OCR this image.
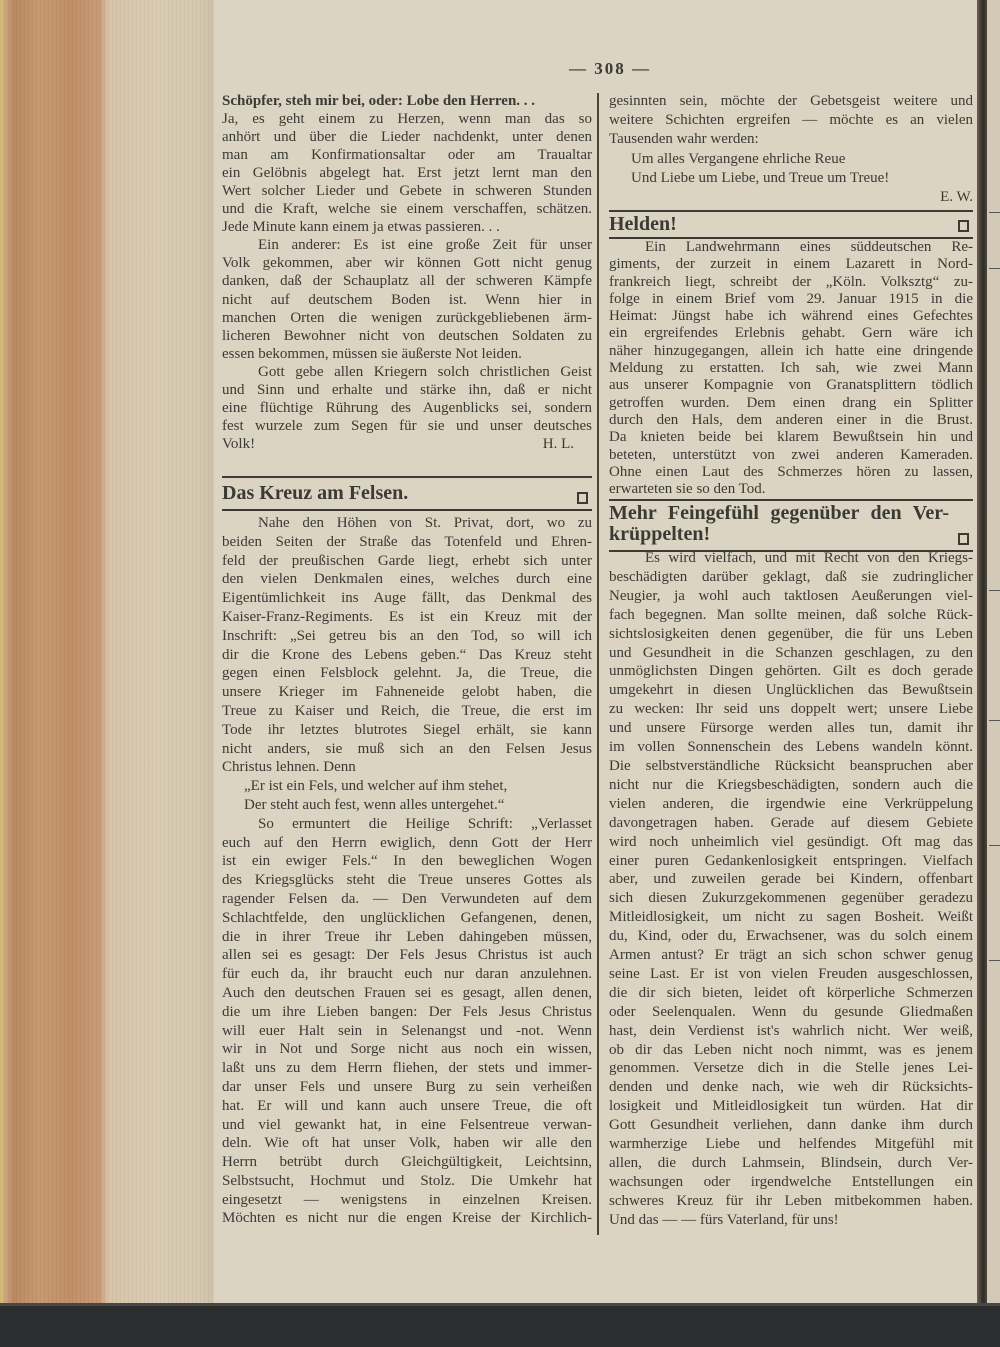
— 308 —
Schöpfer, steh mir bei, oder: Lobe den Herren. . .
Ja, es geht einem zu Herzen, wenn man das so
anhört und über die Lieder nachdenkt, unter denen
man am Konfirmationsaltar oder am Traualtar
ein Gelöbnis abgelegt hat. Erst jetzt lernt man den
Wert solcher Lieder und Gebete in schweren Stunden
und die Kraft, welche sie einem verschaffen, schätzen.
Jede Minute kann einem ja etwas passieren. . .
Ein anderer: Es ist eine große Zeit für unser
Volk gekommen, aber wir können Gott nicht genug
danken, daß der Schauplatz all der schweren Kämpfe
nicht auf deutschem Boden ist. Wenn hier in
manchen Orten die wenigen zurückgebliebenen ärm-
licheren Bewohner nicht von deutschen Soldaten zu
essen bekommen, müssen sie äußerste Not leiden.
Gott gebe allen Kriegern solch christlichen Geist
und Sinn und erhalte und stärke ihn, daß er nicht
eine flüchtige Rührung des Augenblicks sei, sondern
fest wurzele zum Segen für sie und unser deutsches
Volk!	H. L.
Das Kreuz am Felsen.
Nahe den Höhen von St. Privat, dort, wo zu
beiden Seiten der Straße das Totenfeld und Ehren-
feld der preußischen Garde liegt, erhebt sich unter
den vielen Denkmalen eines, welches durch eine
Eigentümlichkeit ins Auge fällt, das Denkmal des
Kaiser-Franz-Regiments. Es ist ein Kreuz mit der
Inschrift: „Sei getreu bis an den Tod, so will ich
dir die Krone des Lebens geben.“ Das Kreuz steht
gegen einen Felsblock gelehnt. Ja, die Treue, die
unsere Krieger im Fahneneide gelobt haben, die
Treue zu Kaiser und Reich, die Treue, die erst im
Tode ihr letztes blutrotes Siegel erhält, sie kann
nicht anders, sie muß sich an den Felsen Jesus
Christus lehnen. Denn
„Er ist ein Fels, und welcher auf ihm stehet,
Der steht auch fest, wenn alles untergehet.“
So ermuntert die Heilige Schrift: „Verlasset
euch auf den Herrn ewiglich, denn Gott der Herr
ist ein ewiger Fels.“ In den beweglichen Wogen
des Kriegsglücks steht die Treue unseres Gottes als
ragender Felsen da. — Den Verwundeten auf dem
Schlachtfelde, den unglücklichen Gefangenen, denen,
die in ihrer Treue ihr Leben dahingeben müssen,
allen sei es gesagt: Der Fels Jesus Christus ist auch
für euch da, ihr braucht euch nur daran anzulehnen.
Auch den deutschen Frauen sei es gesagt, allen denen,
die um ihre Lieben bangen: Der Fels Jesus Christus
will euer Halt sein in Selenangst und -not. Wenn
wir in Not und Sorge nicht aus noch ein wissen,
laßt uns zu dem Herrn fliehen, der stets und immer-
dar unser Fels und unsere Burg zu sein verheißen
hat. Er will und kann auch unsere Treue, die oft
und viel gewankt hat, in eine Felsentreue verwan-
deln. Wie oft hat unser Volk, haben wir alle den
Herrn betrübt durch Gleichgültigkeit, Leichtsinn,
Selbstsucht, Hochmut und Stolz. Die Umkehr hat
eingesetzt — wenigstens in einzelnen Kreisen.
Möchten es nicht nur die engen Kreise der Kirchlich-
gesinnten sein, möchte der Gebetsgeist weitere und
weitere Schichten ergreifen — möchte es an vielen
Tausenden wahr werden:
Um alles Vergangene ehrliche Reue
Und Liebe um Liebe, und Treue um Treue!
E. W.
Helden!
Ein Landwehrmann eines süddeutschen Re-
giments, der zurzeit in einem Lazarett in Nord-
frankreich liegt, schreibt der „Köln. Volksztg“ zu-
folge in einem Brief vom 29. Januar 1915 in die
Heimat: Jüngst habe ich während eines Gefechtes
ein ergreifendes Erlebnis gehabt. Gern wäre ich
näher hinzugegangen, allein ich hatte eine dringende
Meldung zu erstatten. Ich sah, wie zwei Mann
aus unserer Kompagnie von Granatsplittern tödlich
getroffen wurden. Dem einen drang ein Splitter
durch den Hals, dem anderen einer in die Brust.
Da knieten beide bei klarem Bewußtsein hin und
beteten, unterstützt von zwei anderen Kameraden.
Ohne einen Laut des Schmerzes hören zu lassen,
erwarteten sie so den Tod.
Mehr Feingefühl gegenüber den Ver-
krüppelten!
Es wird vielfach, und mit Recht von den Kriegs-
beschädigten darüber geklagt, daß sie zudringlicher
Neugier, ja wohl auch taktlosen Aeußerungen viel-
fach begegnen. Man sollte meinen, daß solche Rück-
sichtslosigkeiten denen gegenüber, die für uns Leben
und Gesundheit in die Schanzen geschlagen, zu den
unmöglichsten Dingen gehörten. Gilt es doch gerade
umgekehrt in diesen Unglücklichen das Bewußtsein
zu wecken: Ihr seid uns doppelt wert; unsere Liebe
und unsere Fürsorge werden alles tun, damit ihr
im vollen Sonnenschein des Lebens wandeln könnt.
Die selbstverständliche Rücksicht beanspruchen aber
nicht nur die Kriegsbeschädigten, sondern auch die
vielen anderen, die irgendwie eine Verkrüppelung
davongetragen haben. Gerade auf diesem Gebiete
wird noch unheimlich viel gesündigt. Oft mag das
einer puren Gedankenlosigkeit entspringen. Vielfach
aber, und zuweilen gerade bei Kindern, offenbart
sich diesen Zukurzgekommenen gegenüber geradezu
Mitleidlosigkeit, um nicht zu sagen Bosheit. Weißt
du, Kind, oder du, Erwachsener, was du solch einem
Armen antust? Er trägt an sich schon schwer genug
seine Last. Er ist von vielen Freuden ausgeschlossen,
die dir sich bieten, leidet oft körperliche Schmerzen
oder Seelenqualen. Wenn du gesunde Gliedmaßen
hast, dein Verdienst ist's wahrlich nicht. Wer weiß,
ob dir das Leben nicht noch nimmt, was es jenem
genommen. Versetze dich in die Stelle jenes Lei-
denden und denke nach, wie weh dir Rücksichts-
losigkeit und Mitleidlosigkeit tun würden. Hat dir
Gott Gesundheit verliehen, dann danke ihm durch
warmherzige Liebe und helfendes Mitgefühl mit
allen, die durch Lahmsein, Blindsein, durch Ver-
wachsungen oder irgendwelche Entstellungen ein
schweres Kreuz für ihr Leben mitbekommen haben.
Und das — — fürs Vaterland, für uns!
